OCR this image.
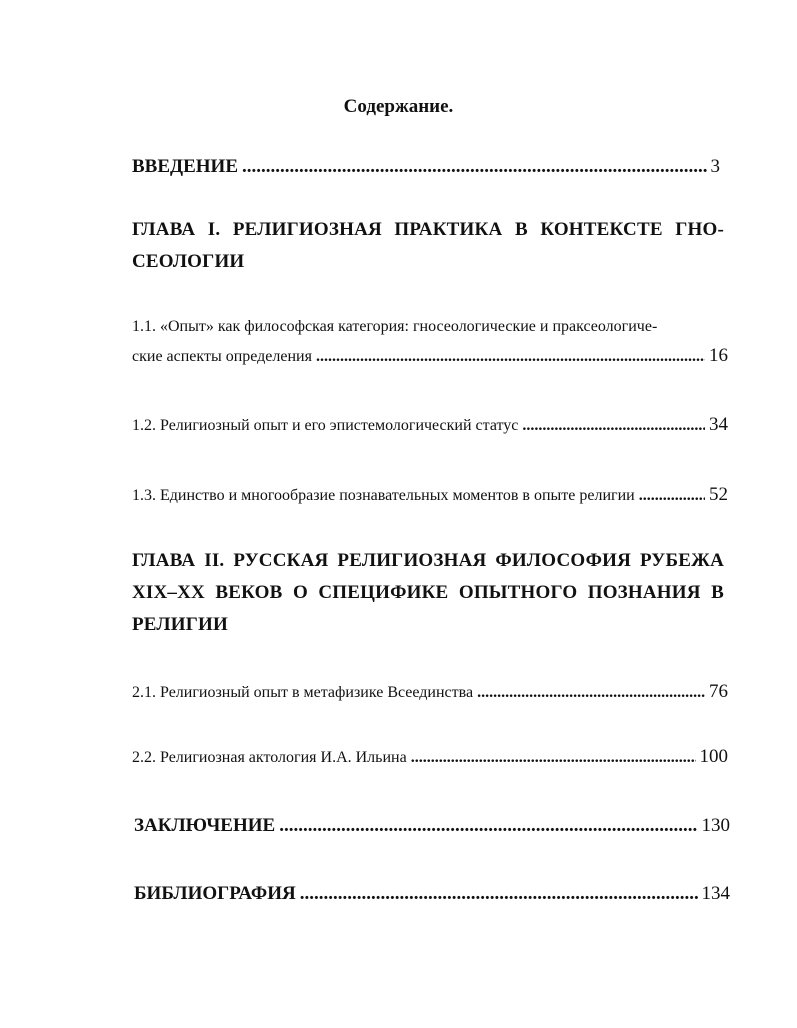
Содержание.
ВВЕДЕНИЕ .....	3
ГЛАВА I. РЕЛИГИОЗНАЯ ПРАКТИКА В КОНТЕКСТЕ ГНО-
СЕОЛОГИИ
1.1. «Опыт» как философская категория: гносеологические и праксеологиче-
ские аспекты определения .....	16
1.2. Религиозный опыт и его эпистемологический статус .....	34
1.3. Единство и многообразие познавательных моментов в опыте религии .....	52
ГЛАВА II. РУССКАЯ РЕЛИГИОЗНАЯ ФИЛОСОФИЯ РУБЕЖА
XIX–XX ВЕКОВ О СПЕЦИФИКЕ ОПЫТНОГО ПОЗНАНИЯ В
РЕЛИГИИ
2.1. Религиозный опыт в метафизике Всеединства .....	76
2.2. Религиозная актология И.А. Ильина .....	100
ЗАКЛЮЧЕНИЕ .....	130
БИБЛИОГРАФИЯ .....	134
